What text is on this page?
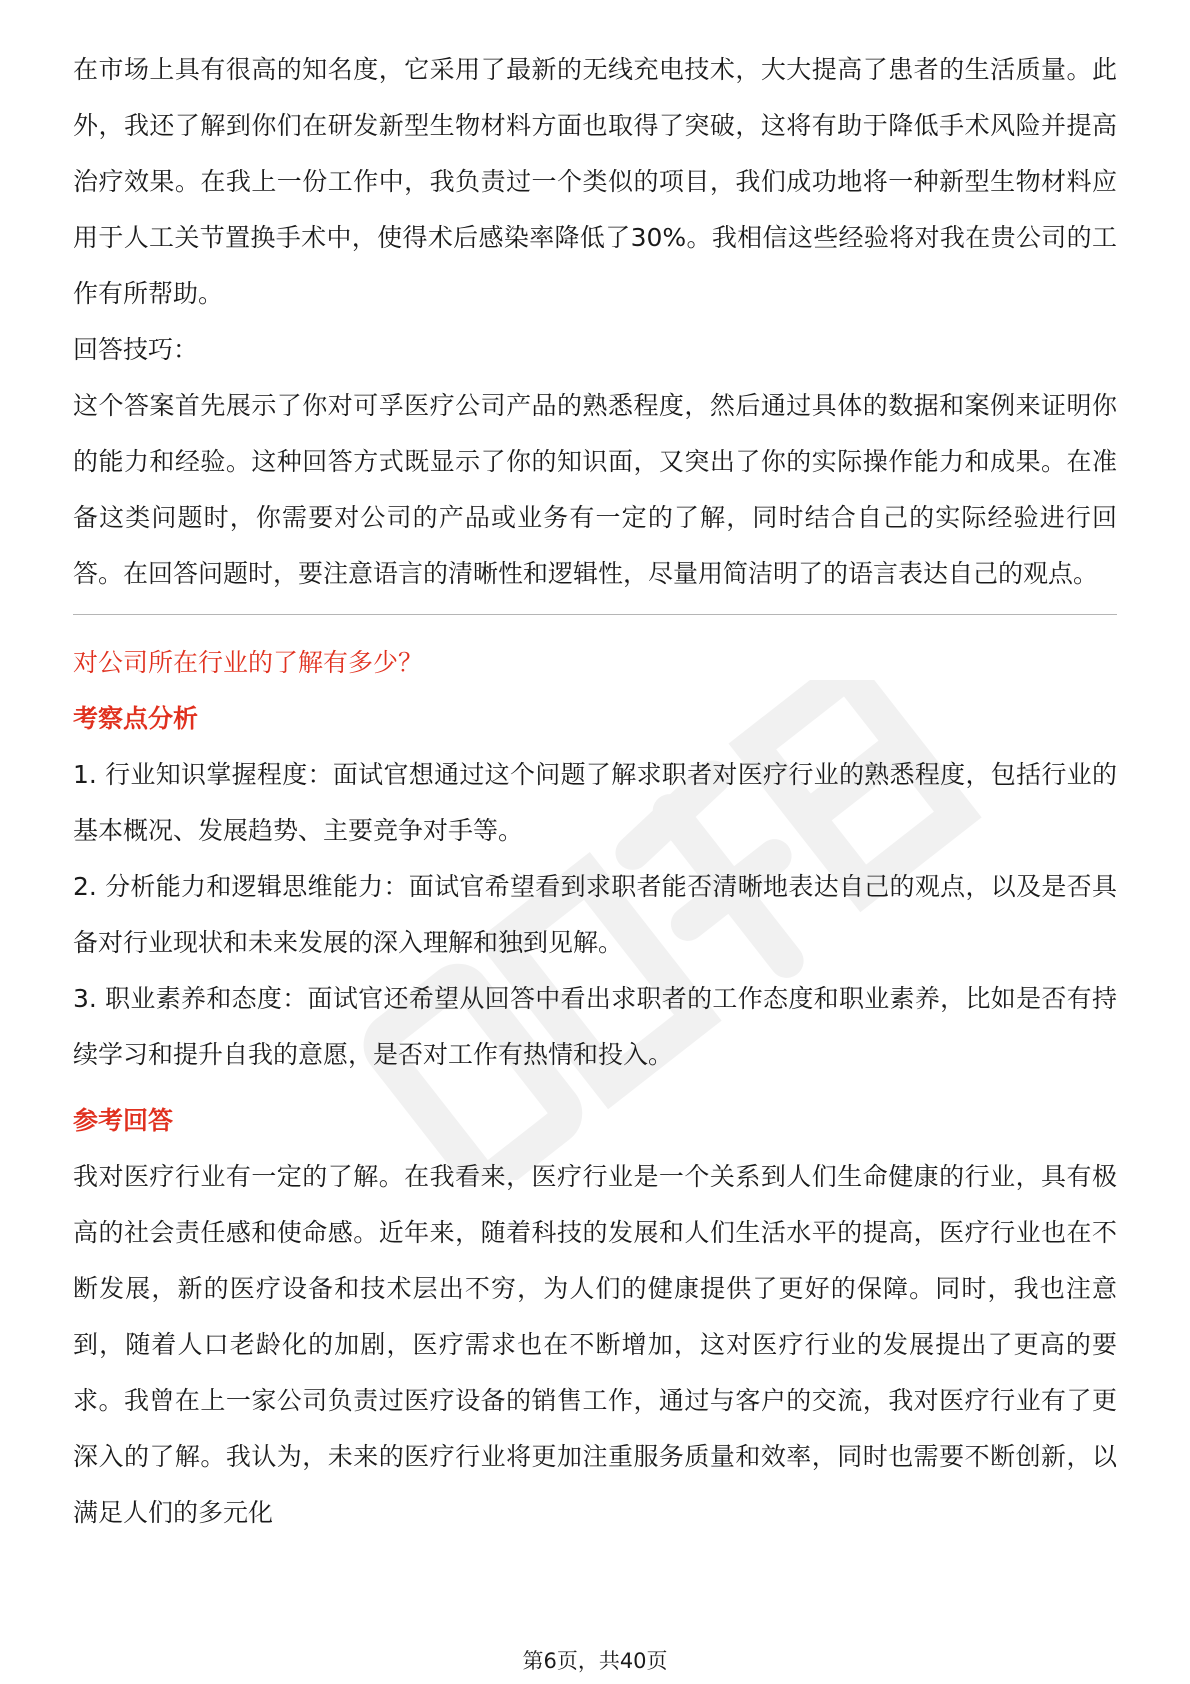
在市场上具有很高的知名度，它采用了最新的无线充电技术，大大提高了患者的生活质量。此外，我还了解到你们在研发新型生物材料方面也取得了突破，这将有助于降低手术风险并提高治疗效果。在我上一份工作中，我负责过一个类似的项目，我们成功地将一种新型生物材料应用于人工关节置换手术中，使得术后感染率降低了30%。我相信这些经验将对我在贵公司的工作有所帮助。

回答技巧：

这个答案首先展示了你对可孚医疗公司产品的熟悉程度，然后通过具体的数据和案例来证明你的能力和经验。这种回答方式既显示了你的知识面，又突出了你的实际操作能力和成果。在准备这类问题时，你需要对公司的产品或业务有一定的了解，同时结合自己的实际经验进行回答。在回答问题时，要注意语言的清晰性和逻辑性，尽量用简洁明了的语言表达自己的观点。

对公司所在行业的了解有多少？
考察点分析

1. 行业知识掌握程度：面试官想通过这个问题了解求职者对医疗行业的熟悉程度，包括行业的基本概况、发展趋势、主要竞争对手等。

2. 分析能力和逻辑思维能力：面试官希望看到求职者能否清晰地表达自己的观点，以及是否具备对行业现状和未来发展的深入理解和独到见解。

3. 职业素养和态度：面试官还希望从回答中看出求职者的工作态度和职业素养，比如是否有持续学习和提升自我的意愿，是否对工作有热情和投入。

参考回答

我对医疗行业有一定的了解。在我看来，医疗行业是一个关系到人们生命健康的行业，具有极高的社会责任感和使命感。近年来，随着科技的发展和人们生活水平的提高，医疗行业也在不断发展，新的医疗设备和技术层出不穷，为人们的健康提供了更好的保障。同时，我也注意到，随着人口老龄化的加剧，医疗需求也在不断增加，这对医疗行业的发展提出了更高的要求。我曾在上一家公司负责过医疗设备的销售工作，通过与客户的交流，我对医疗行业有了更深入的了解。我认为，未来的医疗行业将更加注重服务质量和效率，同时也需要不断创新，以满足人们的多元化

第6页，共40页
